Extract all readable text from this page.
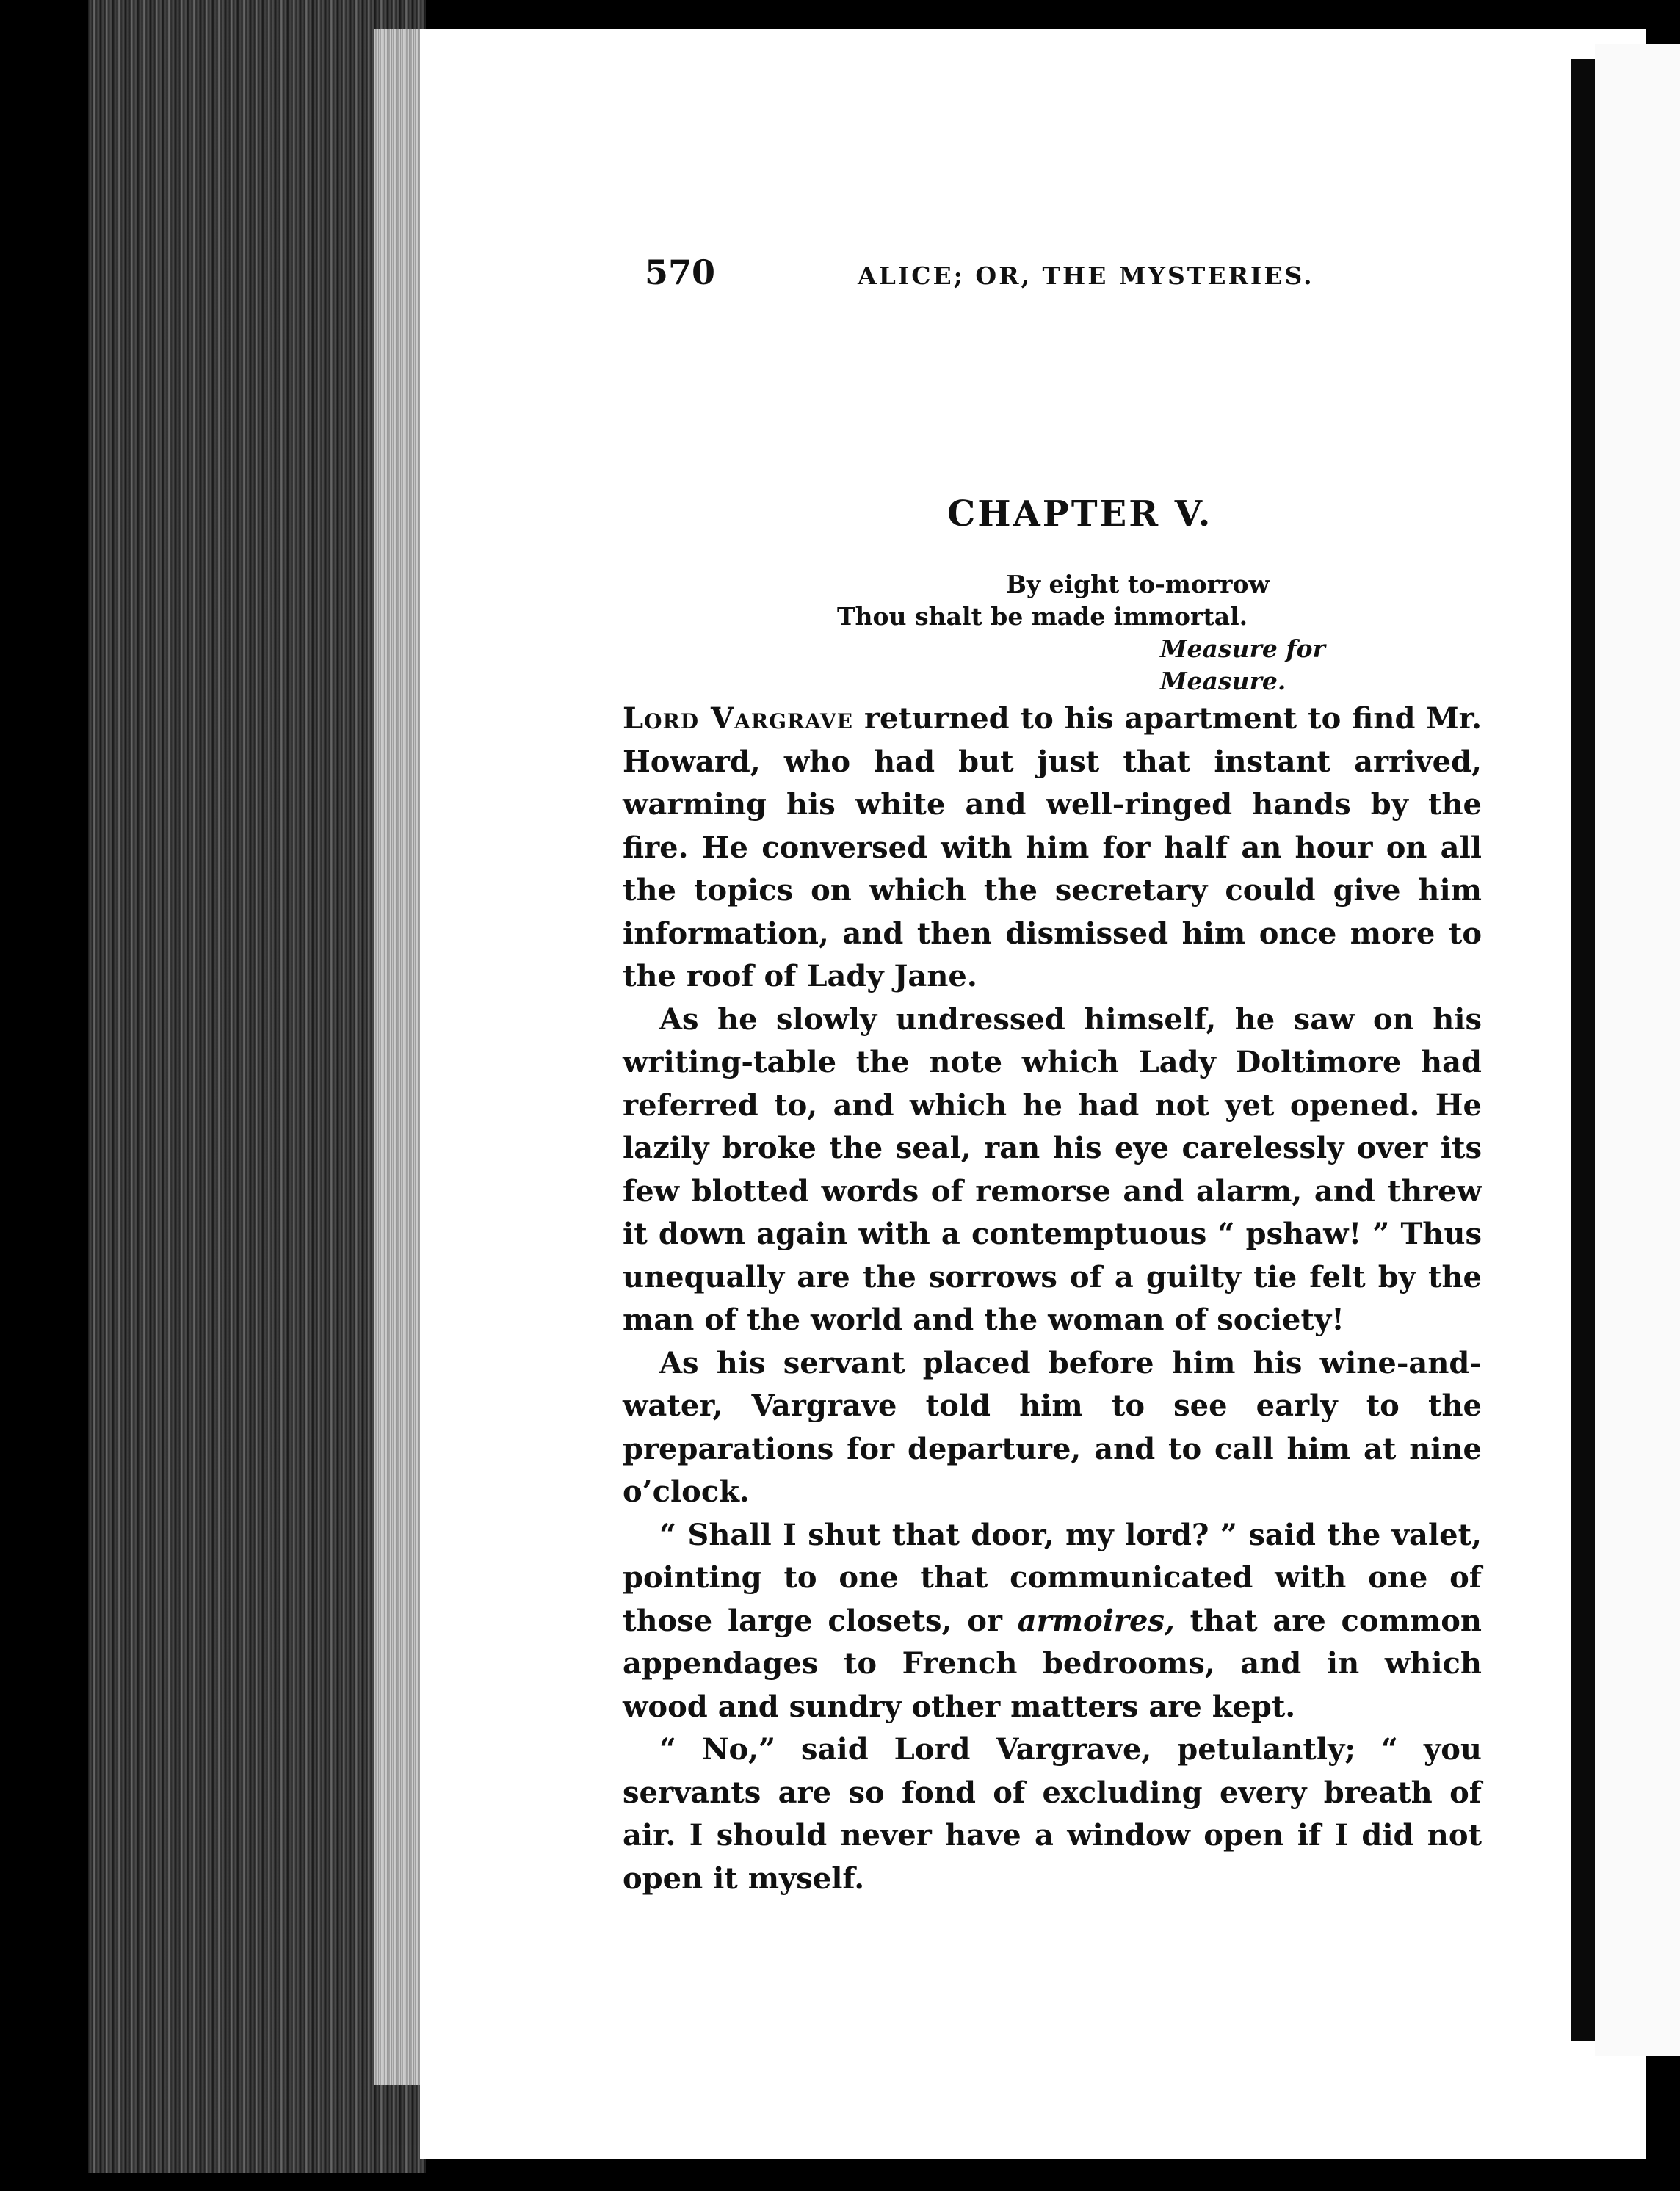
570	ALICE; OR, THE MYSTERIES.
CHAPTER V.
By eight to-morrow
Thou shalt be made immortal.
Measure for Measure.

Lord Vargrave returned to his apartment to find Mr. Howard, who had but just that instant arrived, warming his white and well-ringed hands by the fire. He conversed with him for half an hour on all the topics on which the secretary could give him information, and then dismissed him once more to the roof of Lady Jane.

As he slowly undressed himself, he saw on his writing-table the note which Lady Doltimore had referred to, and which he had not yet opened. He lazily broke the seal, ran his eye carelessly over its few blotted words of remorse and alarm, and threw it down again with a contemptuous “ pshaw! ” Thus unequally are the sorrows of a guilty tie felt by the man of the world and the woman of society!

As his servant placed before him his wine-and-water, Vargrave told him to see early to the preparations for departure, and to call him at nine o’clock.

“ Shall I shut that door, my lord? ” said the valet, pointing to one that communicated with one of those large closets, or armoires, that are common appendages to French bedrooms, and in which wood and sundry other matters are kept.

“ No,” said Lord Vargrave, petulantly; “ you servants are so fond of excluding every breath of air. I should never have a window open if I did not open it myself.
